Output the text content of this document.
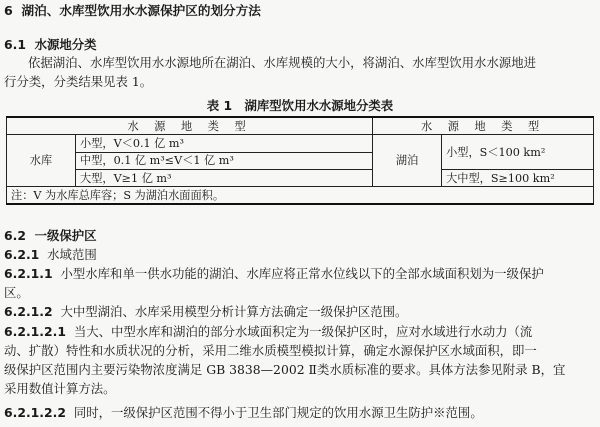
6 湖泊、水库型饮用水水源保护区的划分方法
6.1 水源地分类
依据湖泊、水库型饮用水水源地所在湖泊、水库规模的大小，将湖泊、水库型饮用水水源地进
行分类，分类结果见表 1。
表 1　湖库型饮用水水源地分类表
水 源 地 类 型		水 源 地 类 型	
水库	小型，V＜0.1 亿 m³	湖泊	小型，S＜100 km²
	中型，0.1 亿 m³≤V＜1 亿 m³		
	大型，V≥1 亿 m³		大中型，S≥100 km²
注：V 为水库总库容；S 为湖泊水面面积。			
6.2 一级保护区
6.2.1 水域范围
6.2.1.1 小型水库和单一供水功能的湖泊、水库应将正常水位线以下的全部水域面积划为一级保护
区。
6.2.1.2 大中型湖泊、水库采用模型分析计算方法确定一级保护区范围。
6.2.1.2.1 当大、中型水库和湖泊的部分水域面积定为一级保护区时，应对水域进行水动力（流
动、扩散）特性和水质状况的分析，采用二维水质模型模拟计算，确定水源保护区水域面积，即一
级保护区范围内主要污染物浓度满足 GB 3838—2002 Ⅱ类水质标准的要求。具体方法参见附录 B，宜
采用数值计算方法。
6.2.1.2.2 同时，一级保护区范围不得小于卫生部门规定的饮用水源卫生防护※范围。
